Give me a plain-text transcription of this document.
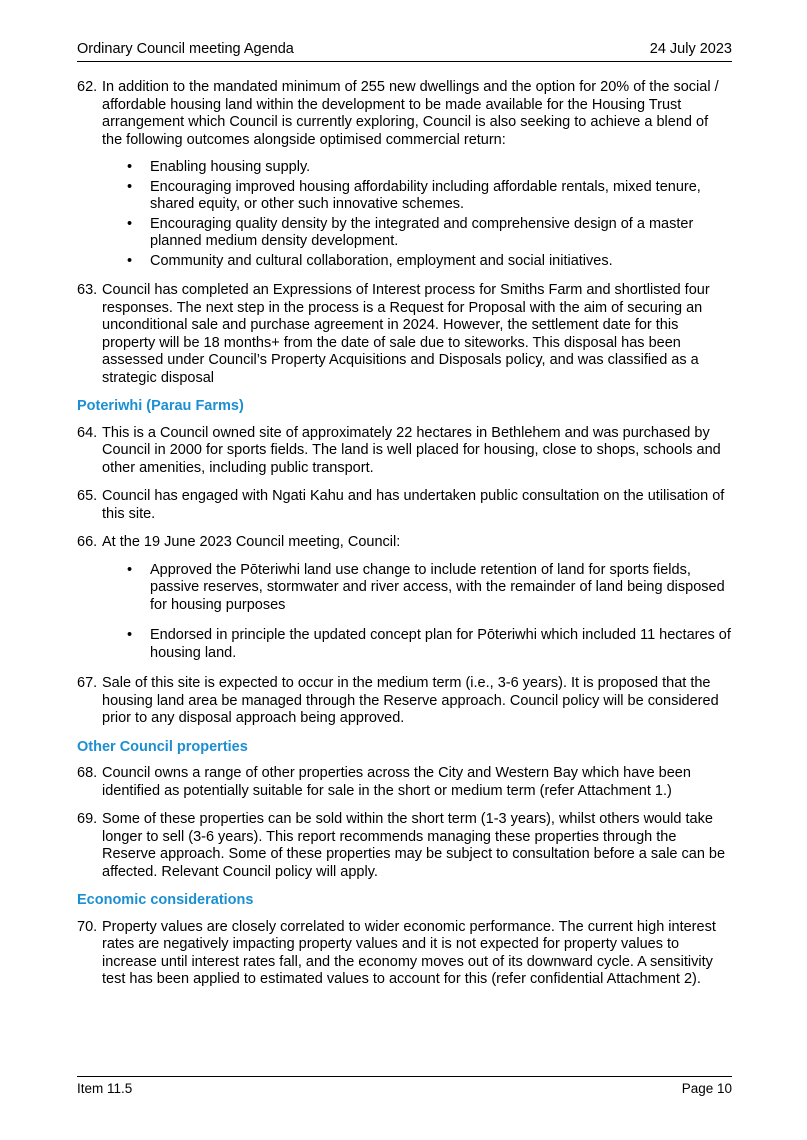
Ordinary Council meeting Agenda	24 July 2023
62. In addition to the mandated minimum of 255 new dwellings and the option for 20% of the social / affordable housing land within the development to be made available for the Housing Trust arrangement which Council is currently exploring, Council is also seeking to achieve a blend of the following outcomes alongside optimised commercial return:
• Enabling housing supply.
• Encouraging improved housing affordability including affordable rentals, mixed tenure, shared equity, or other such innovative schemes.
• Encouraging quality density by the integrated and comprehensive design of a master planned medium density development.
• Community and cultural collaboration, employment and social initiatives.
63. Council has completed an Expressions of Interest process for Smiths Farm and shortlisted four responses. The next step in the process is a Request for Proposal with the aim of securing an unconditional sale and purchase agreement in 2024. However, the settlement date for this property will be 18 months+ from the date of sale due to siteworks. This disposal has been assessed under Council’s Property Acquisitions and Disposals policy, and was classified as a strategic disposal
Poteriwhi (Parau Farms)
64. This is a Council owned site of approximately 22 hectares in Bethlehem and was purchased by Council in 2000 for sports fields. The land is well placed for housing, close to shops, schools and other amenities, including public transport.
65. Council has engaged with Ngati Kahu and has undertaken public consultation on the utilisation of this site.
66. At the 19 June 2023 Council meeting, Council:
• Approved the Pōteriwhi land use change to include retention of land for sports fields, passive reserves, stormwater and river access, with the remainder of land being disposed for housing purposes
• Endorsed in principle the updated concept plan for Pōteriwhi which included 11 hectares of housing land.
67. Sale of this site is expected to occur in the medium term (i.e., 3-6 years). It is proposed that the housing land area be managed through the Reserve approach. Council policy will be considered prior to any disposal approach being approved.
Other Council properties
68. Council owns a range of other properties across the City and Western Bay which have been identified as potentially suitable for sale in the short or medium term (refer Attachment 1.)
69. Some of these properties can be sold within the short term (1-3 years), whilst others would take longer to sell (3-6 years). This report recommends managing these properties through the Reserve approach. Some of these properties may be subject to consultation before a sale can be affected. Relevant Council policy will apply.
Economic considerations
70. Property values are closely correlated to wider economic performance. The current high interest rates are negatively impacting property values and it is not expected for property values to increase until interest rates fall, and the economy moves out of its downward cycle. A sensitivity test has been applied to estimated values to account for this (refer confidential Attachment 2).
Item 11.5	Page 10
